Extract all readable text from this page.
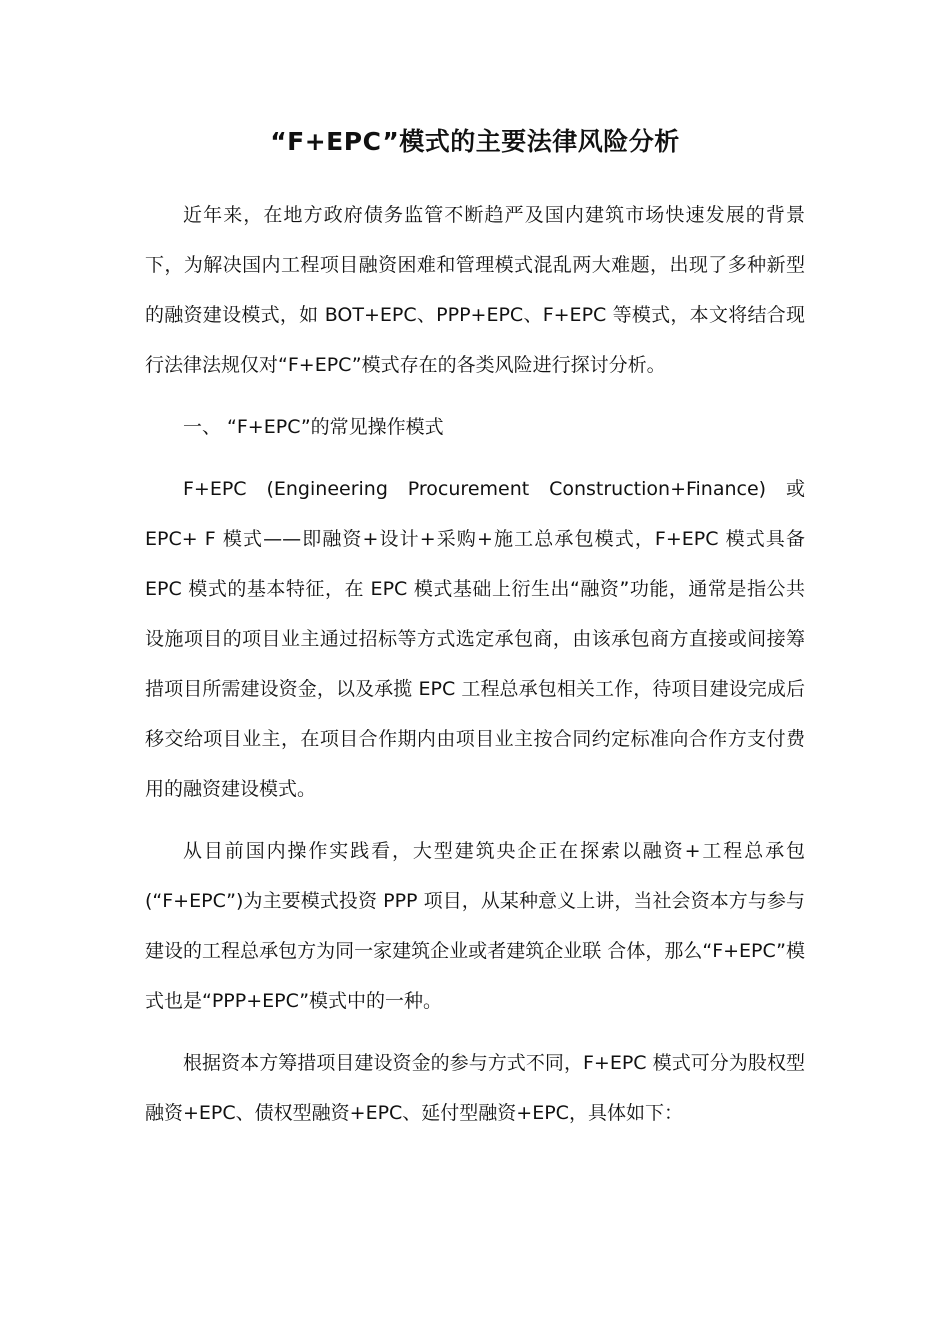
“F+EPC”模式的主要法律风险分析

近年来，在地方政府债务监管不断趋严及国内建筑市场快速发展的背景下，为解决国内工程项目融资困难和管理模式混乱两大难题，出现了多种新型的融资建设模式，如 BOT+EPC、PPP+EPC、F+EPC 等模式，本文将结合现行法律法规仅对“F+EPC”模式存在的各类风险进行探讨分析。

一、 “F+EPC”的常见操作模式

F+EPC (Engineering Procurement Construction+Finance) 或 EPC+ F 模式——即融资+设计+采购+施工总承包模式，F+EPC 模式具备 EPC 模式的基本特征，在 EPC 模式基础上衍生出“融资”功能，通常是指公共设施项目的项目业主通过招标等方式选定承包商，由该承包商方直接或间接筹措项目所需建设资金，以及承揽 EPC 工程总承包相关工作，待项目建设完成后移交给项目业主，在项目合作期内由项目业主按合同约定标准向合作方支付费用的融资建设模式。

从目前国内操作实践看，大型建筑央企正在探索以融资+工程总承包(“F+EPC”)为主要模式投资 PPP 项目，从某种意义上讲，当社会资本方与参与建设的工程总承包方为同一家建筑企业或者建筑企业联 合体，那么“F+EPC”模式也是“PPP+EPC”模式中的一种。

根据资本方筹措项目建设资金的参与方式不同，F+EPC 模式可分为股权型融资+EPC、债权型融资+EPC、延付型融资+EPC，具体如下：
